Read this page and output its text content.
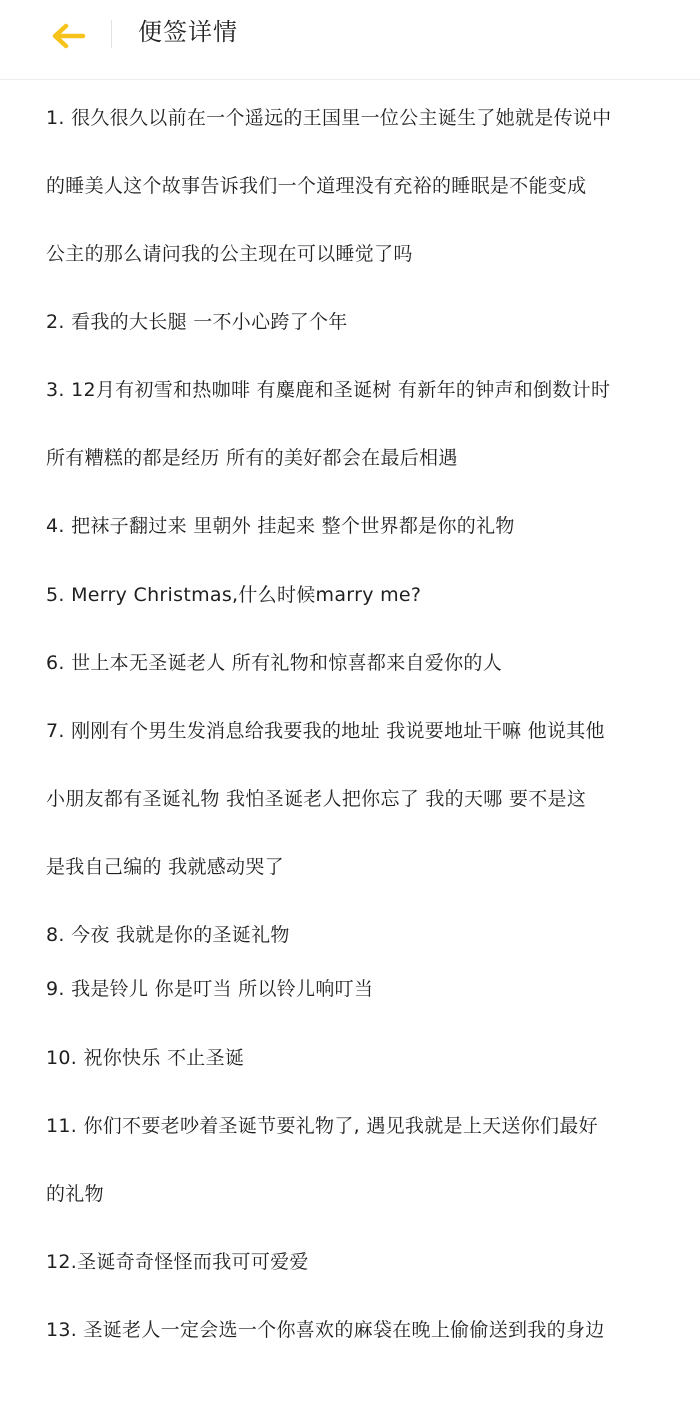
便签详情
1. 很久很久以前在一个遥远的王国里一位公主诞生了她就是传说中
的睡美人这个故事告诉我们一个道理没有充裕的睡眠是不能变成
公主的那么请问我的公主现在可以睡觉了吗
2. 看我的大长腿 一不小心跨了个年
3. 12月有初雪和热咖啡 有麋鹿和圣诞树 有新年的钟声和倒数计时
所有糟糕的都是经历 所有的美好都会在最后相遇
4. 把袜子翻过来 里朝外 挂起来 整个世界都是你的礼物
5. Merry Christmas,什么时候marry me?
6. 世上本无圣诞老人 所有礼物和惊喜都来自爱你的人
7. 刚刚有个男生发消息给我要我的地址 我说要地址干嘛 他说其他
小朋友都有圣诞礼物 我怕圣诞老人把你忘了 我的天哪 要不是这
是我自己编的 我就感动哭了
8. 今夜 我就是你的圣诞礼物
9. 我是铃儿 你是叮当 所以铃儿响叮当
10. 祝你快乐 不止圣诞
11. 你们不要老吵着圣诞节要礼物了, 遇见我就是上天送你们最好
的礼物
12.圣诞奇奇怪怪而我可可爱爱
13. 圣诞老人一定会选一个你喜欢的麻袋在晚上偷偷送到我的身边
